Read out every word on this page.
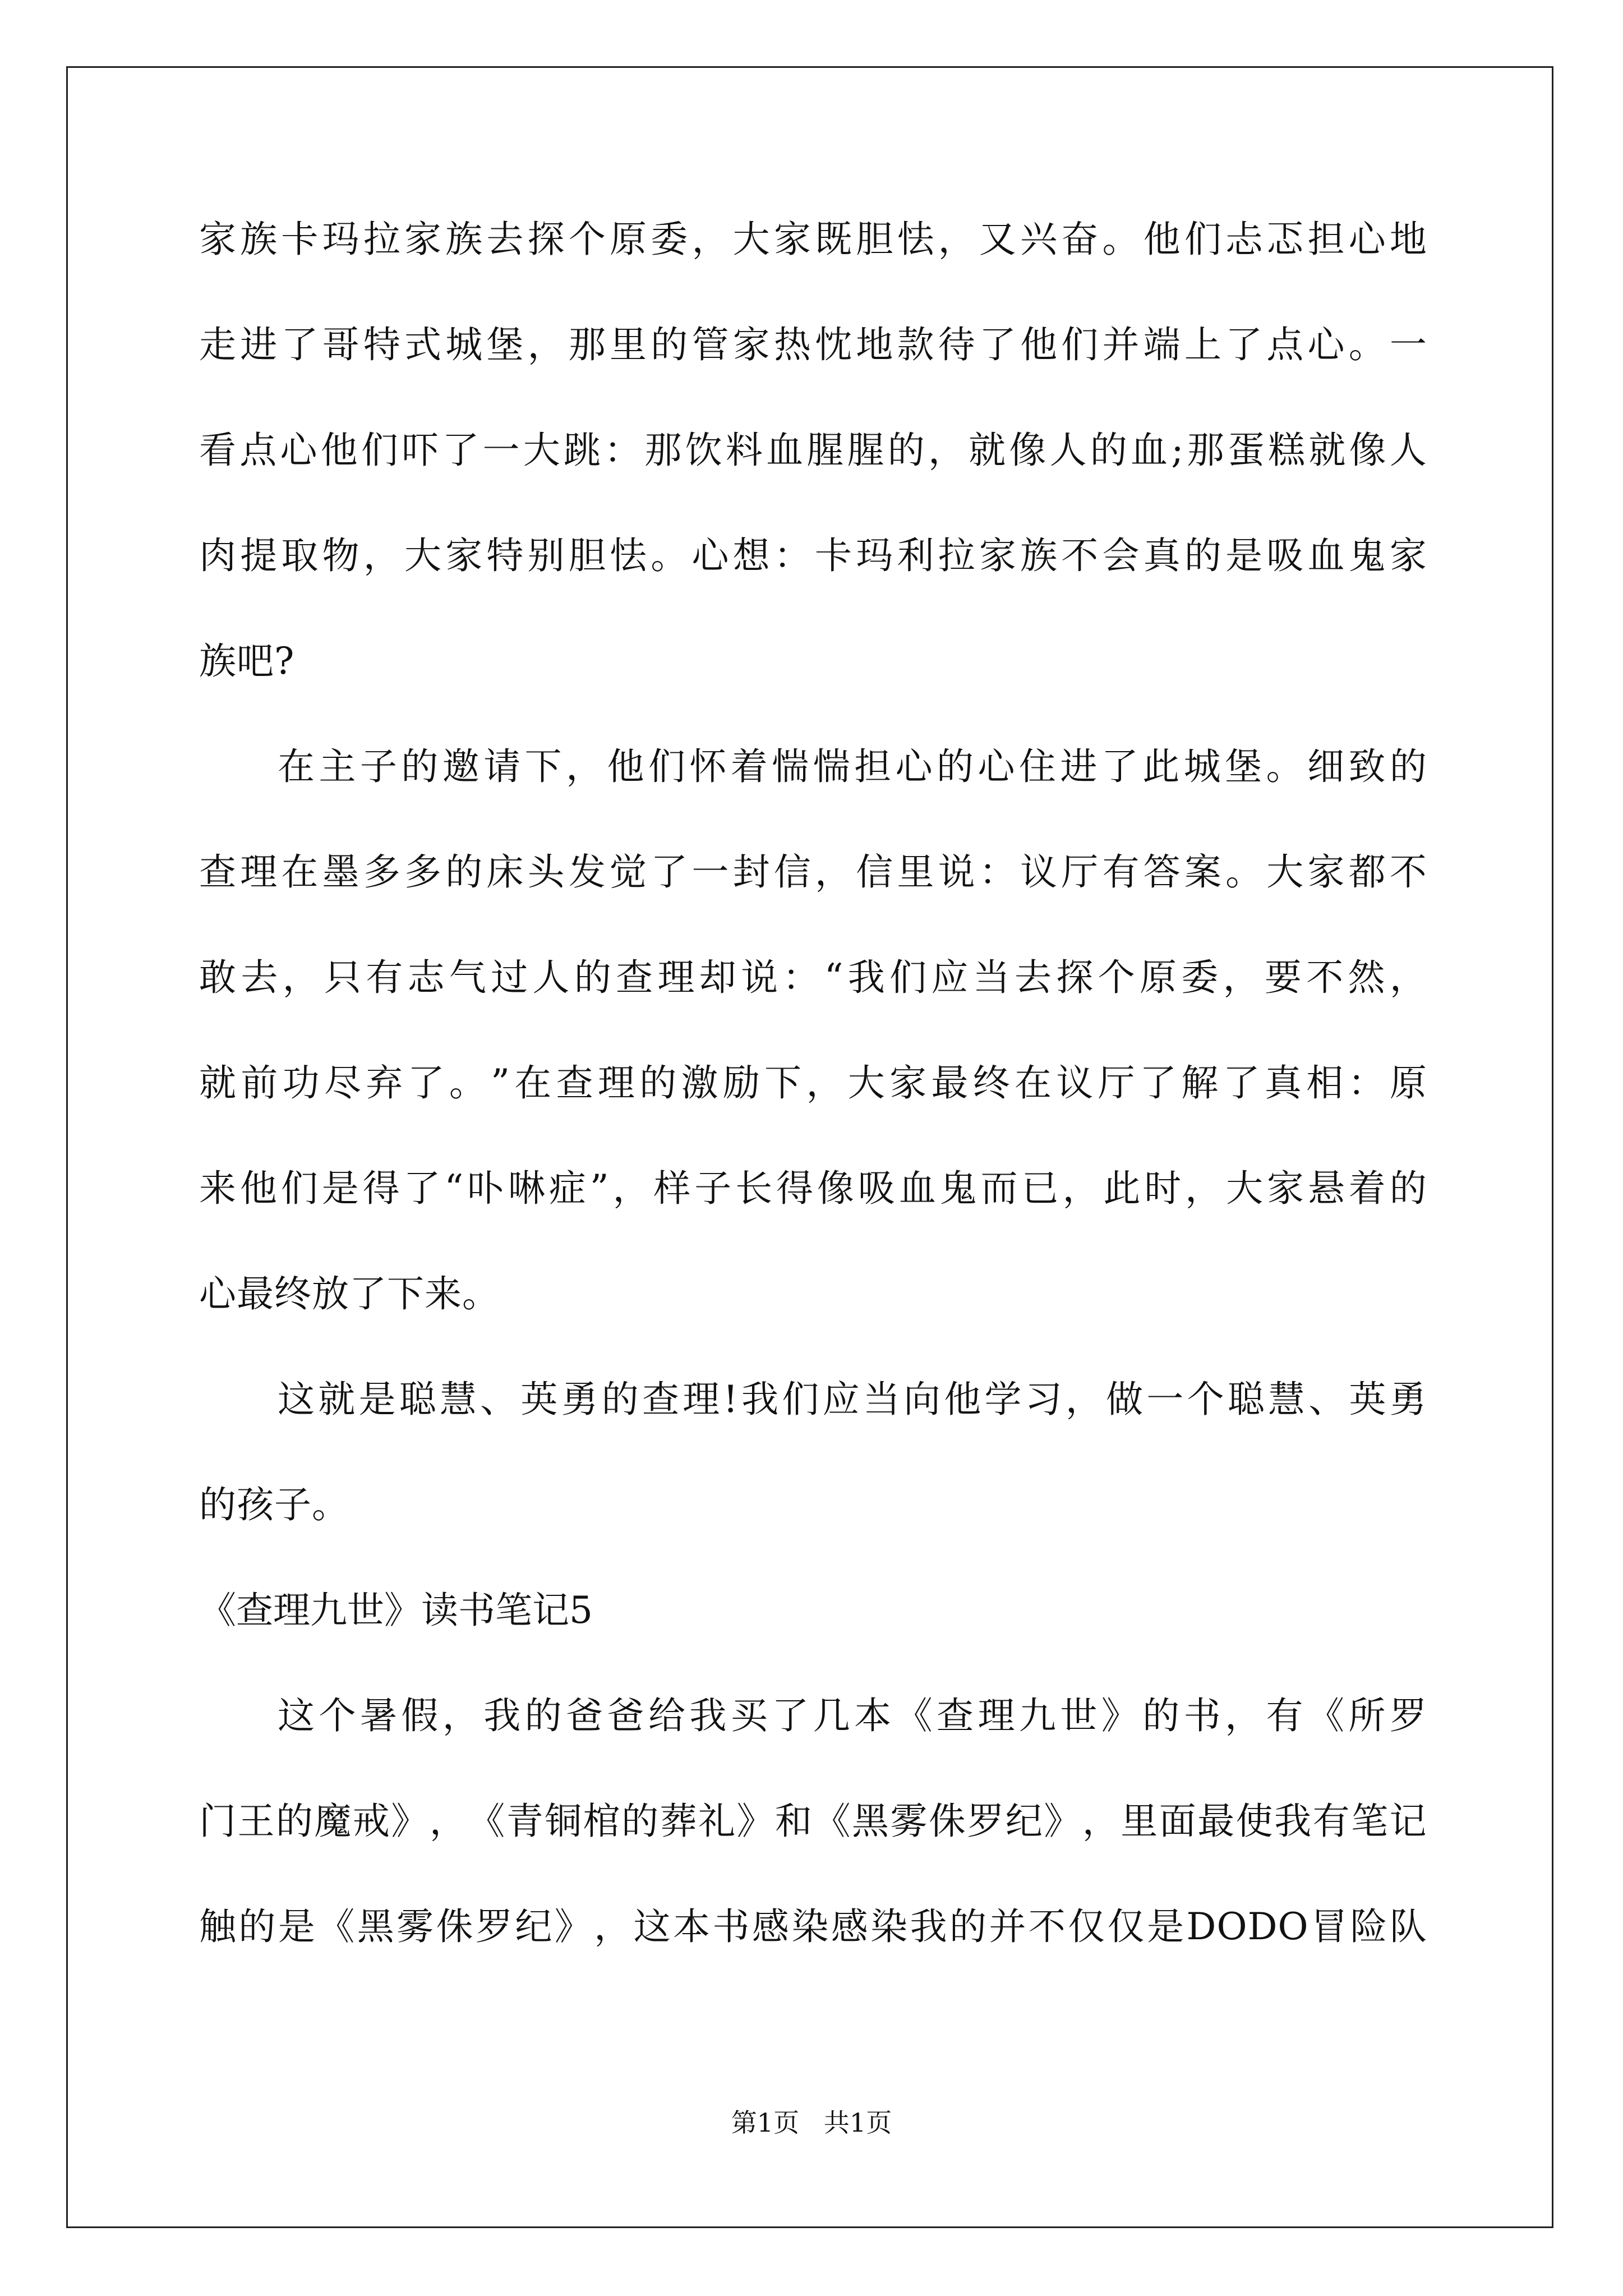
家 族 卡 玛 拉 家 族 去 探 个 原 委 ， 大 家 既 胆 怯 ， 又 兴 奋 。 他 们 忐 忑 担 心 地
走 进 了 哥 特 式 城 堡 ， 那 里 的 管 家 热 忱 地 款 待 了 他 们 并 端 上 了 点 心 。 一
看 点 心 他 们 吓 了 一 大 跳 ： 那 饮 料 血 腥 腥 的 ， 就 像 人 的 血 ; 那 蛋 糕 就 像 人
肉 提 取 物 ， 大 家 特 别 胆 怯 。 心 想 ： 卡 玛 利 拉 家 族 不 会 真 的 是 吸 血 鬼 家
族吧?
在 主 子 的 邀 请 下 ， 他 们 怀 着 惴 惴 担 心 的 心 住 进 了 此 城 堡 。 细 致 的
查 理 在 墨 多 多 的 床 头 发 觉 了 一 封 信 ， 信 里 说 ： 议 厅 有 答 案 。 大 家 都 不
敢 去 ， 只 有 志 气 过 人 的 查 理 却 说 ： “ 我 们 应 当 去 探 个 原 委 ， 要 不 然 ，
就 前 功 尽 弃 了 。 ” 在 查 理 的 激 励 下 ， 大 家 最 终 在 议 厅 了 解 了 真 相 ： 原
来 他 们 是 得 了 “ 卟 啉 症 ” ， 样 子 长 得 像 吸 血 鬼 而 已 ， 此 时 ， 大 家 悬 着 的
心最终放了下来。
这 就 是 聪 慧 、 英 勇 的 查 理 ! 我 们 应 当 向 他 学 习 ， 做 一 个 聪 慧 、 英 勇
的孩子。
《查理九世》读书笔记5
这 个 暑 假 ， 我 的 爸 爸 给 我 买 了 几 本 《 查 理 九 世 》 的 书 ， 有 《 所 罗
门 王 的 魔 戒 》 ， 《 青 铜 棺 的 葬 礼 》 和 《 黑 雾 侏 罗 纪 》 ， 里 面 最 使 我 有 笔 记
触 的 是 《 黑 雾 侏 罗 纪 》 ， 这 本 书 感 染 感 染 我 的 并 不 仅 仅 是 DODO 冒 险 队
第1页   共1页
